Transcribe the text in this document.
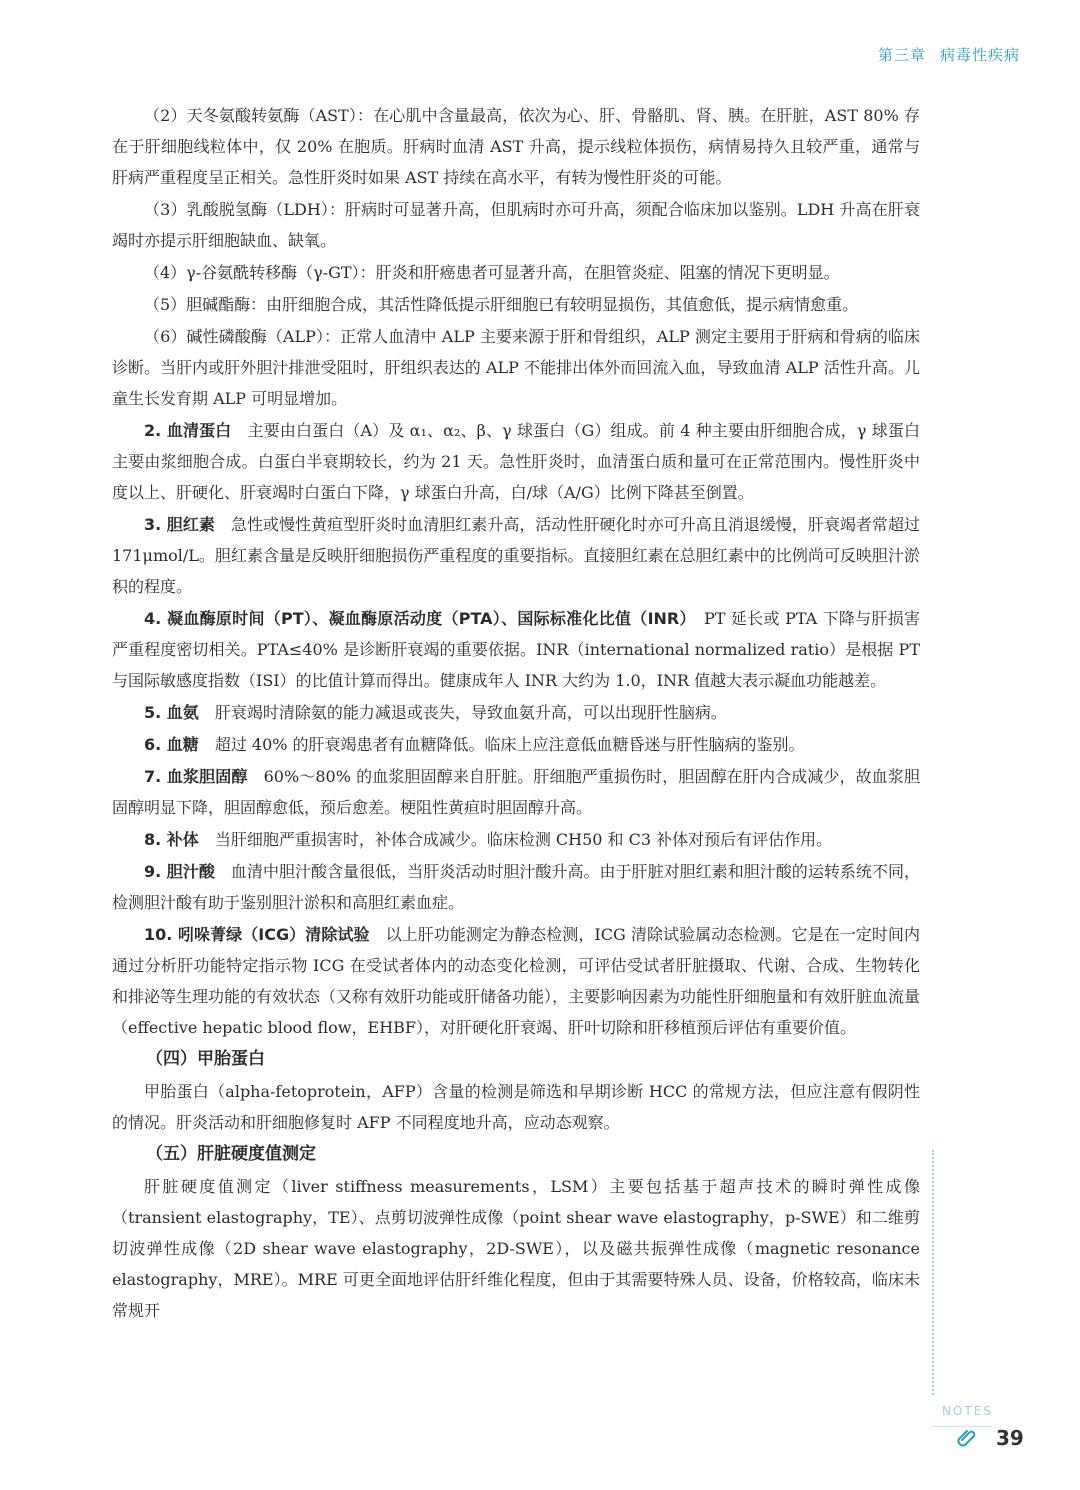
第三章 病毒性疾病

（2）天冬氨酸转氨酶（AST）：在心肌中含量最高，依次为心、肝、骨骼肌、肾、胰。在肝脏，AST 80% 存在于肝细胞线粒体中，仅 20% 在胞质。肝病时血清 AST 升高，提示线粒体损伤，病情易持久且较严重，通常与肝病严重程度呈正相关。急性肝炎时如果 AST 持续在高水平，有转为慢性肝炎的可能。

（3）乳酸脱氢酶（LDH）：肝病时可显著升高，但肌病时亦可升高，须配合临床加以鉴别。LDH 升高在肝衰竭时亦提示肝细胞缺血、缺氧。

（4）γ-谷氨酰转移酶（γ-GT）：肝炎和肝癌患者可显著升高，在胆管炎症、阻塞的情况下更明显。

（5）胆碱酯酶：由肝细胞合成，其活性降低提示肝细胞已有较明显损伤，其值愈低，提示病情愈重。

（6）碱性磷酸酶（ALP）：正常人血清中 ALP 主要来源于肝和骨组织，ALP 测定主要用于肝病和骨病的临床诊断。当肝内或肝外胆汁排泄受阻时，肝组织表达的 ALP 不能排出体外而回流入血，导致血清 ALP 活性升高。儿童生长发育期 ALP 可明显增加。

2. 血清蛋白　 主要由白蛋白（A）及 α₁、α₂、β、γ 球蛋白（G）组成。前 4 种主要由肝细胞合成，γ 球蛋白主要由浆细胞合成。白蛋白半衰期较长，约为 21 天。急性肝炎时，血清蛋白质和量可在正常范围内。慢性肝炎中度以上、肝硬化、肝衰竭时白蛋白下降，γ 球蛋白升高，白/球（A/G）比例下降甚至倒置。

3. 胆红素　 急性或慢性黄疸型肝炎时血清胆红素升高，活动性肝硬化时亦可升高且消退缓慢，肝衰竭者常超过 171μmol/L。胆红素含量是反映肝细胞损伤严重程度的重要指标。直接胆红素在总胆红素中的比例尚可反映胆汁淤积的程度。

4. 凝血酶原时间（PT）、凝血酶原活动度（PTA）、国际标准化比值（INR）　 PT 延长或 PTA 下降与肝损害严重程度密切相关。PTA≤40% 是诊断肝衰竭的重要依据。INR（international normalized ratio）是根据 PT 与国际敏感度指数（ISI）的比值计算而得出。健康成年人 INR 大约为 1.0，INR 值越大表示凝血功能越差。

5. 血氨　 肝衰竭时清除氨的能力减退或丧失，导致血氨升高，可以出现肝性脑病。

6. 血糖　 超过 40% 的肝衰竭患者有血糖降低。临床上应注意低血糖昏迷与肝性脑病的鉴别。

7. 血浆胆固醇　 60%～80% 的血浆胆固醇来自肝脏。肝细胞严重损伤时，胆固醇在肝内合成减少，故血浆胆固醇明显下降，胆固醇愈低，预后愈差。梗阻性黄疸时胆固醇升高。

8. 补体　 当肝细胞严重损害时，补体合成减少。临床检测 CH50 和 C3 补体对预后有评估作用。

9. 胆汁酸　 血清中胆汁酸含量很低，当肝炎活动时胆汁酸升高。由于肝脏对胆红素和胆汁酸的运转系统不同，检测胆汁酸有助于鉴别胆汁淤积和高胆红素血症。

10. 吲哚菁绿（ICG）清除试验　 以上肝功能测定为静态检测，ICG 清除试验属动态检测。它是在一定时间内通过分析肝功能特定指示物 ICG 在受试者体内的动态变化检测，可评估受试者肝脏摄取、代谢、合成、生物转化和排泌等生理功能的有效状态（又称有效肝功能或肝储备功能），主要影响因素为功能性肝细胞量和有效肝脏血流量（effective hepatic blood flow，EHBF），对肝硬化肝衰竭、肝叶切除和肝移植预后评估有重要价值。

（四）甲胎蛋白

甲胎蛋白（alpha-fetoprotein，AFP）含量的检测是筛选和早期诊断 HCC 的常规方法，但应注意有假阴性的情况。肝炎活动和肝细胞修复时 AFP 不同程度地升高，应动态观察。

（五）肝脏硬度值测定

肝脏硬度值测定（liver stiffness measurements，LSM）主要包括基于超声技术的瞬时弹性成像（transient elastography，TE）、点剪切波弹性成像（point shear wave elastography，p-SWE）和二维剪切波弹性成像（2D shear wave elastography，2D-SWE），以及磁共振弹性成像（magnetic resonance elastography，MRE）。MRE 可更全面地评估肝纤维化程度，但由于其需要特殊人员、设备，价格较高，临床未常规开

NOTES
39
